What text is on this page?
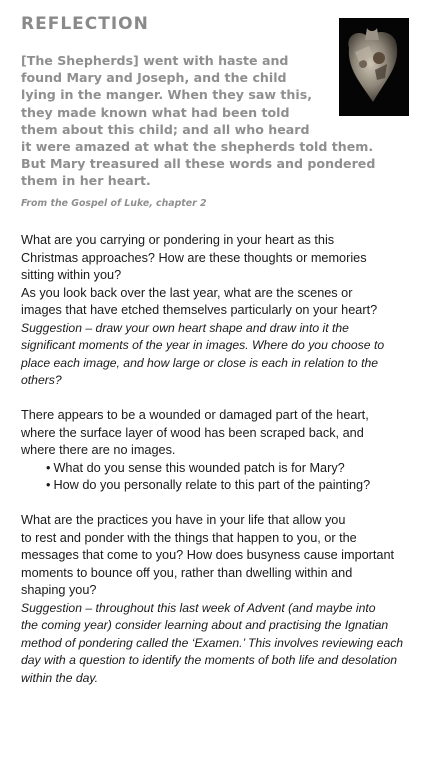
REFLECTION
[The Shepherds] went with haste and
found Mary and Joseph, and the child
lying in the manger. When they saw this,
they made known what had been told
them about this child; and all who heard
it were amazed at what the shepherds told them.
But Mary treasured all these words and pondered
them in her heart.
From the Gospel of Luke, chapter 2
What are you carrying or pondering in your heart as this
Christmas approaches? How are these thoughts or memories
sitting within you?
As you look back over the last year, what are the scenes or
images that have etched themselves particularly on your heart?
Suggestion – draw your own heart shape and draw into it the
significant moments of the year in images. Where do you choose to
place each image, and how large or close is each in relation to the
others?
There appears to be a wounded or damaged part of the heart,
where the surface layer of wood has been scraped back, and
where there are no images.
• What do you sense this wounded patch is for Mary?
• How do you personally relate to this part of the painting?
What are the practices you have in your life that allow you
to rest and ponder with the things that happen to you, or the
messages that come to you? How does busyness cause important
moments to bounce off you, rather than dwelling within and
shaping you?
Suggestion – throughout this last week of Advent (and maybe into
the coming year) consider learning about and practising the Ignatian
method of pondering called the ‘Examen.’ This involves reviewing each
day with a question to identify the moments of both life and desolation
within the day.
